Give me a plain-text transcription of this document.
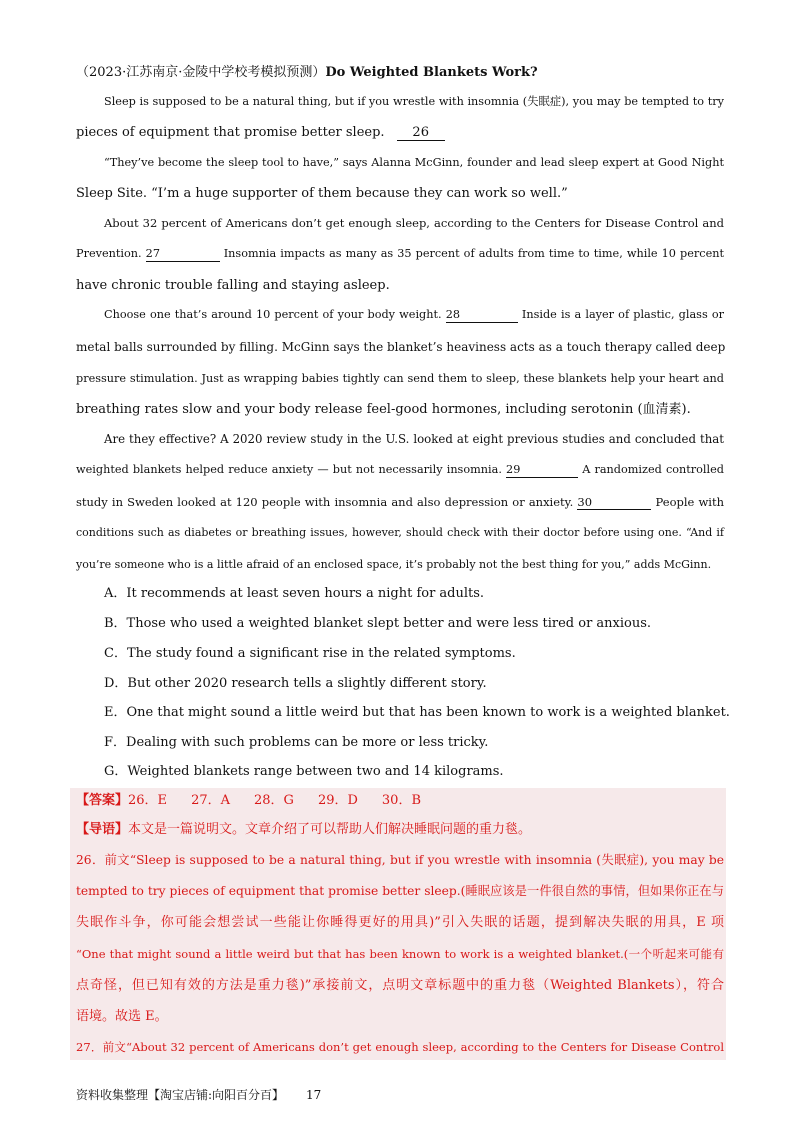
（2023·江苏南京·金陵中学校考模拟预测）Do Weighted Blankets Work?
Sleep is supposed to be a natural thing, but if you wrestle with insomnia (失眠症), you may be tempted to try
pieces of equipment that promise better sleep. 26
“They’ve become the sleep tool to have,” says Alanna McGinn, founder and lead sleep expert at Good Night
Sleep Site. “I’m a huge supporter of them because they can work so well.”
About 32 percent of Americans don’t get enough sleep, according to the Centers for Disease Control and
Prevention. 27	Insomnia impacts as many as 35 percent of adults from time to time, while 10 percent
have chronic trouble falling and staying asleep.
Choose one that’s around 10 percent of your body weight. 28	Inside is a layer of plastic, glass or
metal balls surrounded by filling. McGinn says the blanket’s heaviness acts as a touch therapy called deep
pressure stimulation. Just as wrapping babies tightly can send them to sleep, these blankets help your heart and
breathing rates slow and your body release feel-good hormones, including serotonin (血清素).
Are they effective? A 2020 review study in the U.S. looked at eight previous studies and concluded that
weighted blankets helped reduce anxiety — but not necessarily insomnia. 29	A randomized controlled
study in Sweden looked at 120 people with insomnia and also depression or anxiety. 30	People with
conditions such as diabetes or breathing issues, however, should check with their doctor before using one. “And if
you’re someone who is a little afraid of an enclosed space, it’s probably not the best thing for you,” adds McGinn.
A．It recommends at least seven hours a night for adults.
B．Those who used a weighted blanket slept better and were less tired or anxious.
C．The study found a significant rise in the related symptoms.
D．But other 2020 research tells a slightly different story.
E．One that might sound a little weird but that has been known to work is a weighted blanket.
F．Dealing with such problems can be more or less tricky.
G．Weighted blankets range between two and 14 kilograms.
【答案】26．E 27．A 28．G 29．D 30．B
【导语】本文是一篇说明文。文章介绍了可以帮助人们解决睡眠问题的重力毯。
26．前文“Sleep is supposed to be a natural thing, but if you wrestle with insomnia (失眠症), you may be
tempted to try pieces of equipment that promise better sleep.(睡眠应该是一件很自然的事情，但如果你正在与
失眠作斗争，你可能会想尝试一些能让你睡得更好的用具)”引入失眠的话题，提到解决失眠的用具，E 项
“One that might sound a little weird but that has been known to work is a weighted blanket.(一个听起来可能有
点奇怪，但已知有效的方法是重力毯)”承接前文，点明文章标题中的重力毯（Weighted Blankets），符合
语境。故选 E。
27．前文“About 32 percent of Americans don’t get enough sleep, according to the Centers for Disease Control
资料收集整理【淘宝店铺:向阳百分百】 17
